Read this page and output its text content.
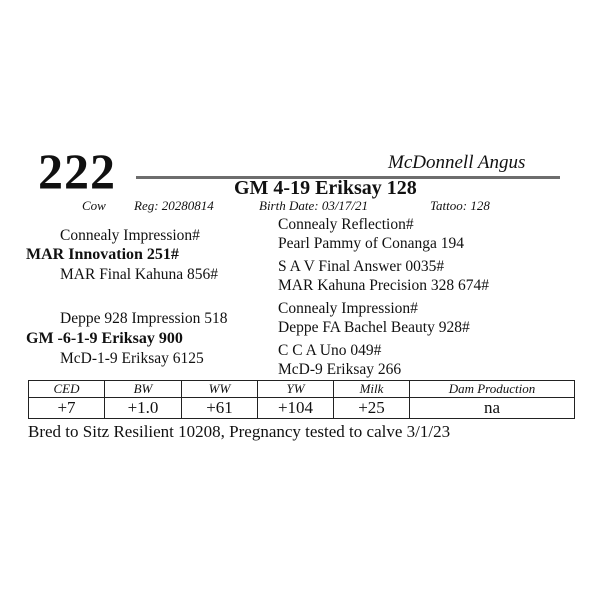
222	McDonnell Angus
GM 4-19 Eriksay 128
Cow Reg: 20280814	Birth Date: 03/17/21	Tattoo: 128
Connealy Impression#
MAR Innovation 251#
MAR Final Kahuna 856#
Deppe 928 Impression 518
GM -6-1-9 Eriksay 900
McD-1-9 Eriksay 6125
Connealy Reflection#
Pearl Pammy of Conanga 194
S A V Final Answer 0035#
MAR Kahuna Precision 328 674#
Connealy Impression#
Deppe FA Bachel Beauty 928#
C C A Uno 049#
McD-9 Eriksay 266
CED	BW	WW	YW	Milk	Dam Production
+7	+1.0	+61	+104	+25	na
Bred to Sitz Resilient 10208, Pregnancy tested to calve 3/1/23
